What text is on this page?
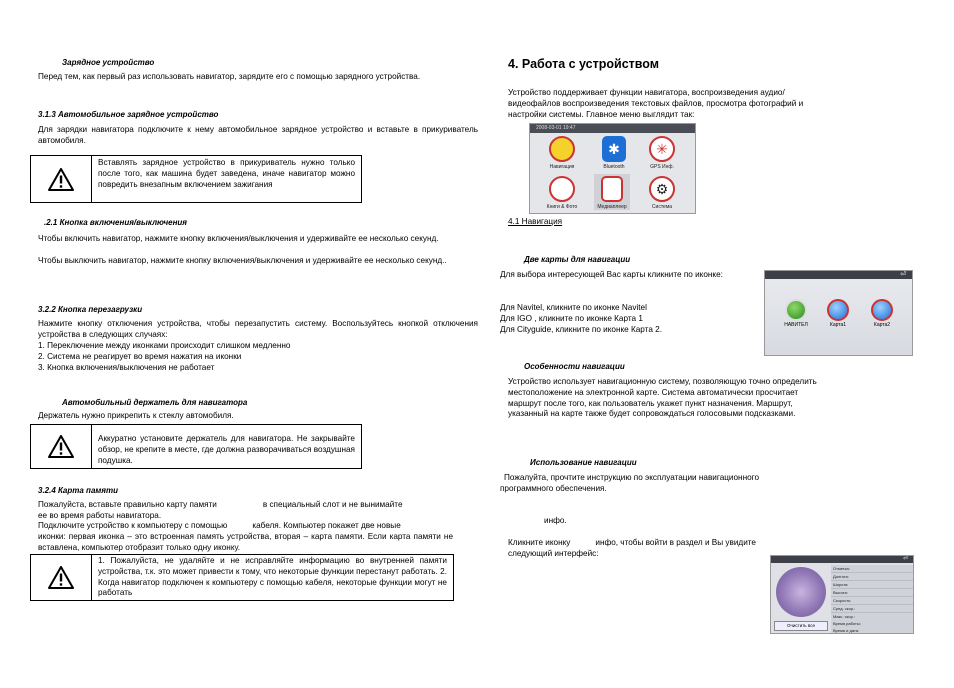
Зарядное устройство
Перед тем, как первый раз использовать навигатор, зарядите его с помощью зарядного устройства.
3.1.3 Автомобильное зарядное устройство
Для зарядки навигатора подключите к нему автомобильное зарядное устройство и вставьте в прикуриватель автомобиля.
Вставлять зарядное устройство в прикуриватель нужно только после того, как машина будет заведена, иначе навигатор можно повредить внезапным включением зажигания
.2.1 Кнопка включения/выключения
Чтобы включить навигатор, нажмите кнопку включения/выключения и удерживайте ее несколько секунд.
Чтобы выключить навигатор, нажмите кнопку включения/выключения и удерживайте ее несколько секунд..
3.2.2 Кнопка перезагрузки
Нажмите кнопку отключения устройства, чтобы перезапустить систему. Воспользуйтесь кнопкой отключения устройства в следующих случаях:
1. Переключение между иконками происходит слишком медленно
2. Система не реагирует во время нажатия на иконки
3. Кнопка включения/выключения не работает
Автомобильный держатель для навигатора
Держатель нужно прикрепить к стеклу автомобиля.
Аккуратно установите держатель для навигатора. Не закрывайте обзор, не крепите в месте, где должна разворачиваться воздушная подушка.
3.2.4 Карта памяти
Пожалуйста, вставьте правильно карту памяти	в специальный слот и не вынимайте
ее во время работы навигатора.
Подключите устройство к компьютеру с помощью	кабеля. Компьютер покажет две новые
иконки: первая иконка – это встроенная память устройства, вторая – карта памяти. Если карта памяти не вставлена, компьютер отобразит только одну иконку.
1. Пожалуйста, не удаляйте и не исправляйте информацию во внутренней памяти устройства, т.к. это может привести к тому, что некоторые функции перестанут работать. 2. Когда навигатор подключен к компьютеру с помощью кабеля, некоторые функции могут не работать
4. Работа с устройством
Устройство поддерживает функции навигатора, воспроизведения аудио/видеофайлов воспроизведения текстовых файлов, просмотра фотографий и настройки системы. Главное меню выглядит так:
2008-03-01 19:47
Навигация
✱
Bluetooth
✳
GPS Инф.
Книги & Фото	Медиаплеер
⚙
Система
4.1 Навигация
Две карты для навигации
Для выбора интересующей Вас карты кликните по иконке:
Для Navitel, кликните по иконке Navitel
Для IGO , кликните по иконке Карта 1
Для Cityguide, кликните по иконке Карта 2.
⏎
НАВИТЕЛ	Карта1	Карта2
Особенности навигации
Устройство использует навигационную систему, позволяющую точно определить местоположение на электронной карте. Система автоматически просчитает маршрут после того, как пользователь укажет пункт назначения. Маршрут, указанный на карте также будет сопровождаться голосовыми подсказками.
Использование навигации
Пожалуйта, прочтите инструкцию по эксплуатации навигационного программного обеспечения.
инфо.
Кликните иконку	инфо, чтобы войти в раздел и Вы увидите
следующий интерфейс:
⏎
Очистить все
Отметка:
Долгота:
Широта:
Высота:
Скорость:
Сред. скор.:
Макс. скор.:
Время работы:
Время и дата:
